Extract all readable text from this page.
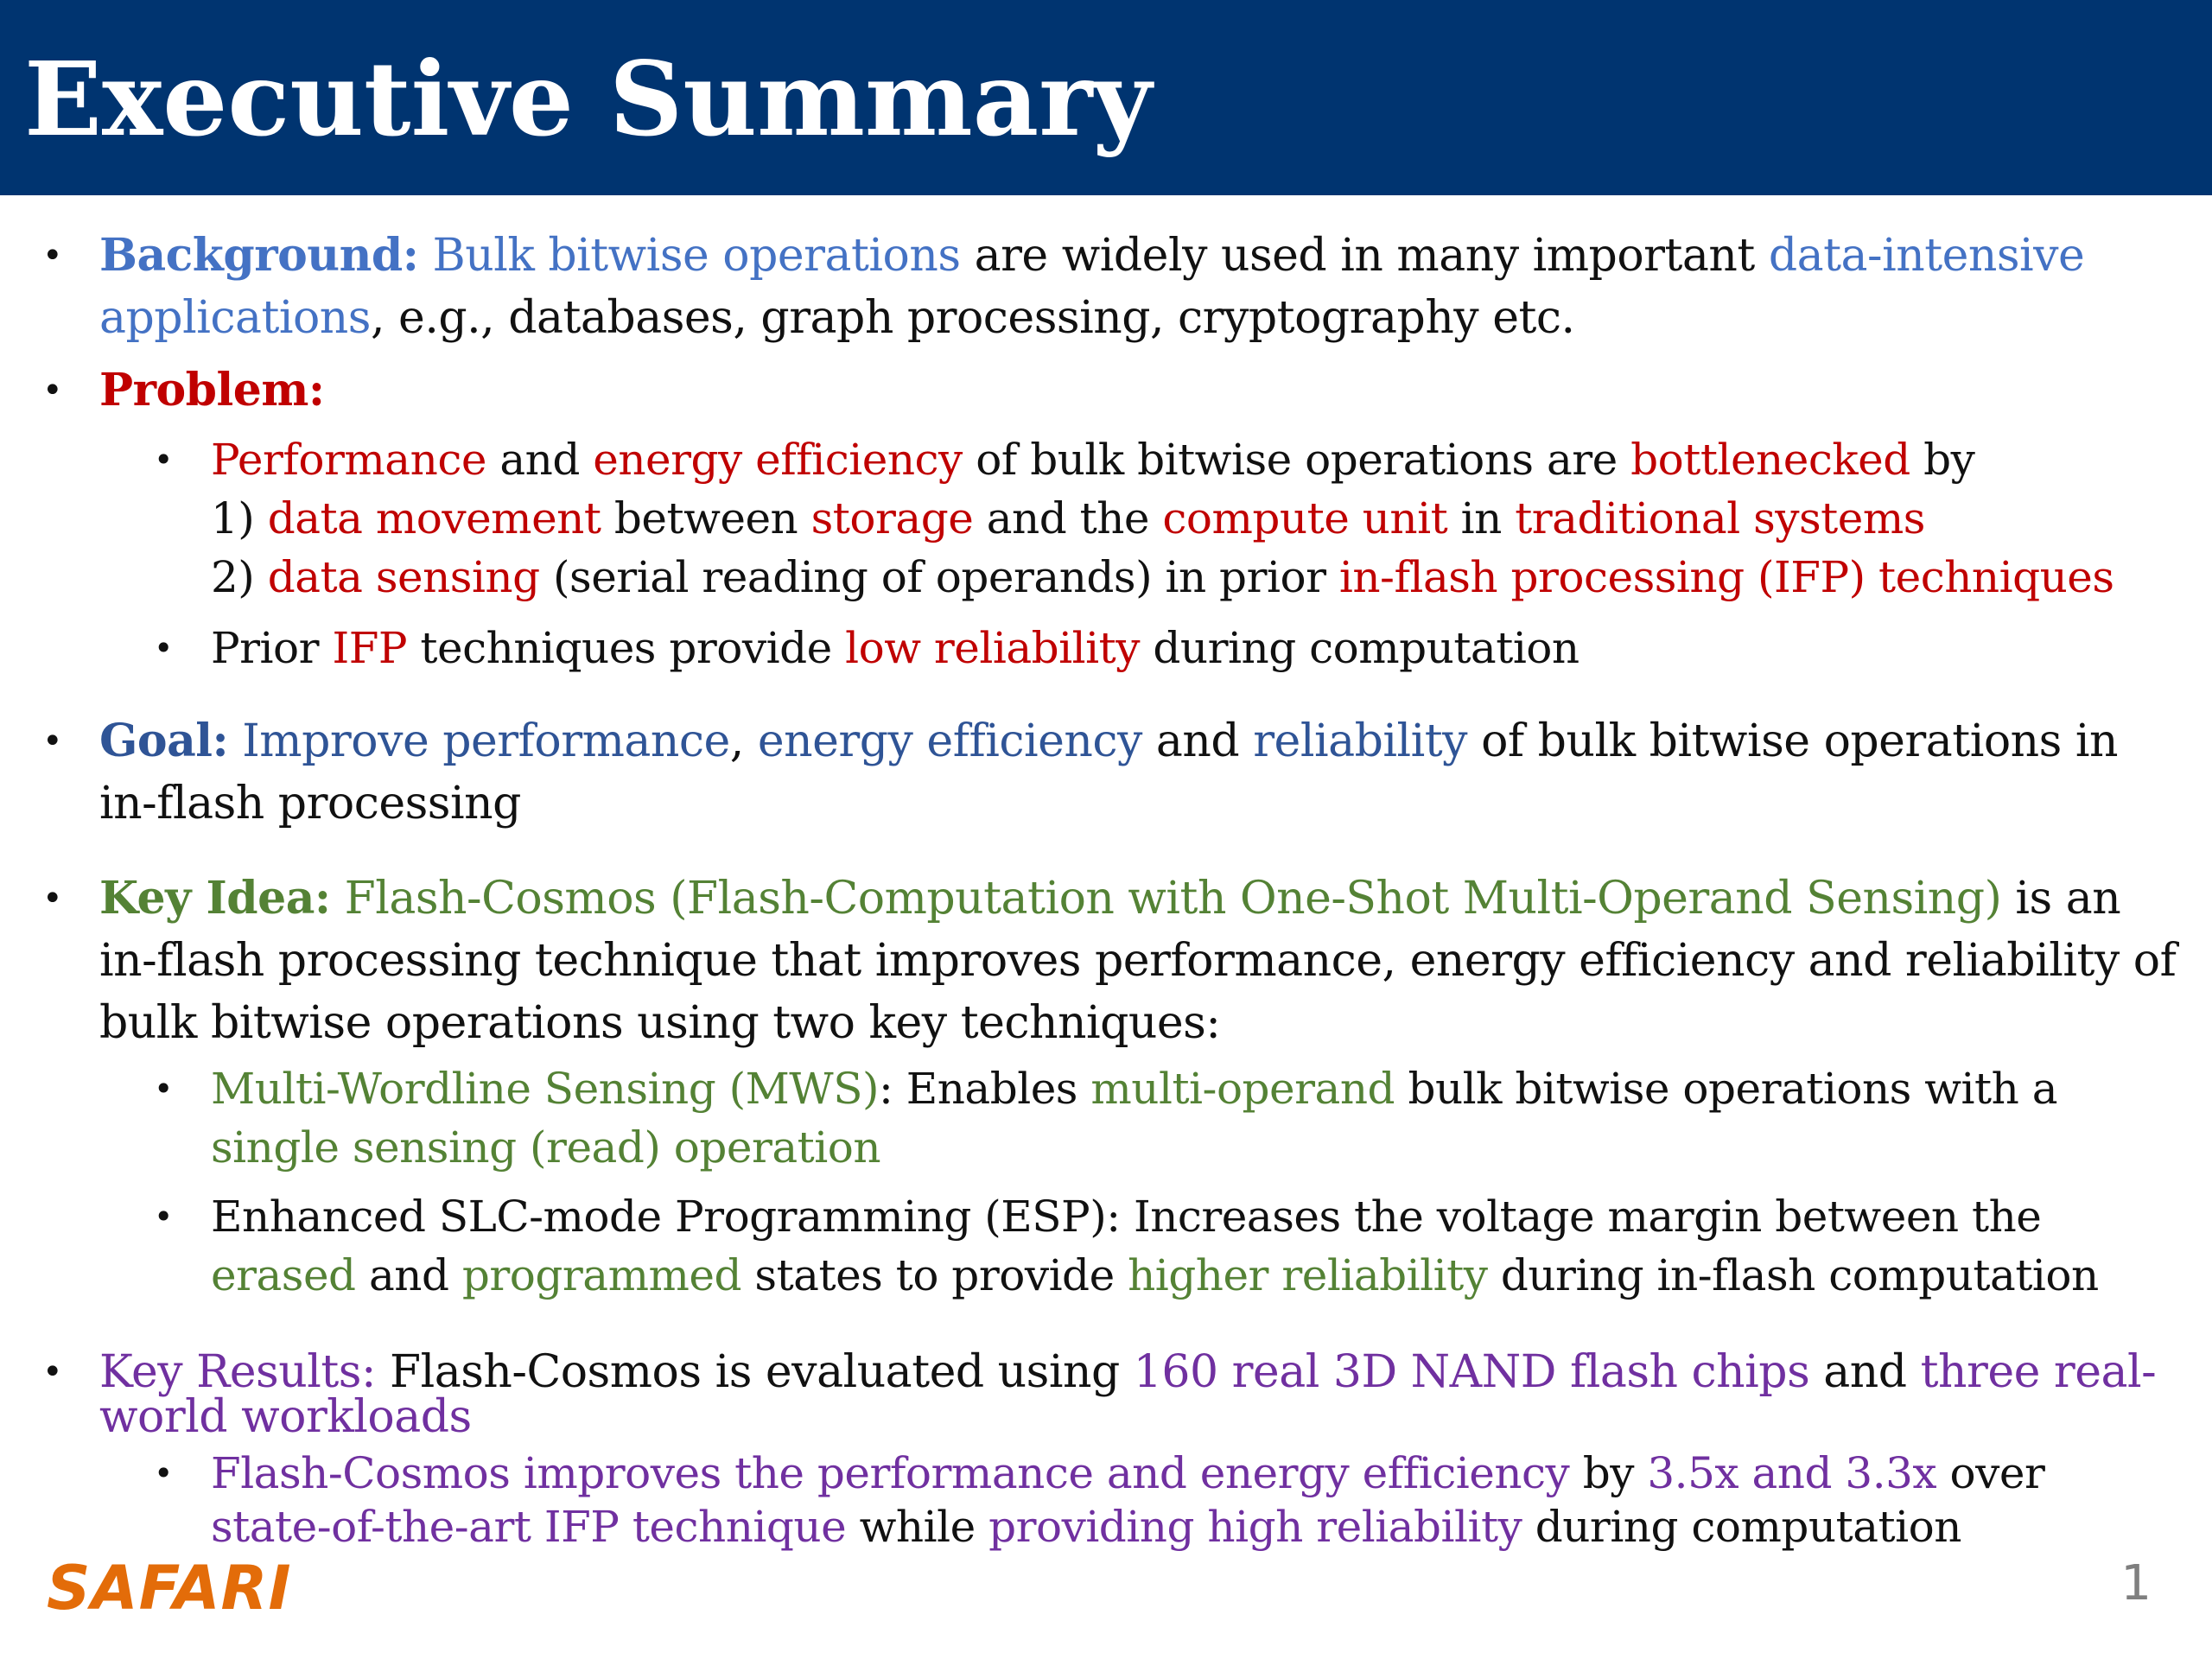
Executive Summary
• Background: Bulk bitwise operations are widely used in many important data-intensive applications, e.g., databases, graph processing, cryptography etc.
• Problem:
• Performance and energy efficiency of bulk bitwise operations are bottlenecked by
1) data movement between storage and the compute unit in traditional systems
2) data sensing (serial reading of operands) in prior in-flash processing (IFP) techniques
• Prior IFP techniques provide low reliability during computation
• Goal: Improve performance, energy efficiency and reliability of bulk bitwise operations in in-flash processing
• Key Idea: Flash-Cosmos (Flash-Computation with One-Shot Multi-Operand Sensing) is an in-flash processing technique that improves performance, energy efficiency and reliability of bulk bitwise operations using two key techniques:
• Multi-Wordline Sensing (MWS): Enables multi-operand bulk bitwise operations with a single sensing (read) operation
• Enhanced SLC-mode Programming (ESP): Increases the voltage margin between the erased and programmed states to provide higher reliability during in-flash computation
• Key Results: Flash-Cosmos is evaluated using 160 real 3D NAND flash chips and three real-world workloads
• Flash-Cosmos improves the performance and energy efficiency by 3.5x and 3.3x over state-of-the-art IFP technique while providing high reliability during computation
SAFARI	1
